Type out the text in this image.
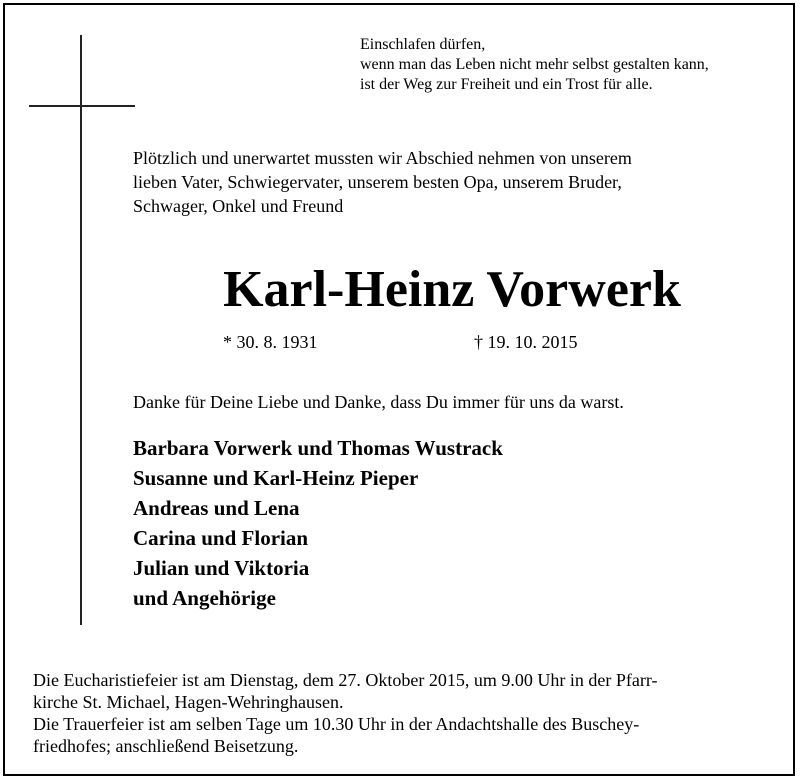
Einschlafen dürfen,
wenn man das Leben nicht mehr selbst gestalten kann,
ist der Weg zur Freiheit und ein Trost für alle.
Plötzlich und unerwartet mussten wir Abschied nehmen von unserem
lieben Vater, Schwiegervater, unserem besten Opa, unserem Bruder,
Schwager, Onkel und Freund
Karl-Heinz Vorwerk
* 30. 8. 1931	† 19. 10. 2015
Danke für Deine Liebe und Danke, dass Du immer für uns da warst.
Barbara Vorwerk und Thomas Wustrack
Susanne und Karl-Heinz Pieper
Andreas und Lena
Carina und Florian
Julian und Viktoria
und Angehörige
Die Eucharistiefeier ist am Dienstag, dem 27. Oktober 2015, um 9.00 Uhr in der Pfarr-
kirche St. Michael, Hagen-Wehringhausen.
Die Trauerfeier ist am selben Tage um 10.30 Uhr in der Andachtshalle des Buschey-
friedhofes; anschließend Beisetzung.
